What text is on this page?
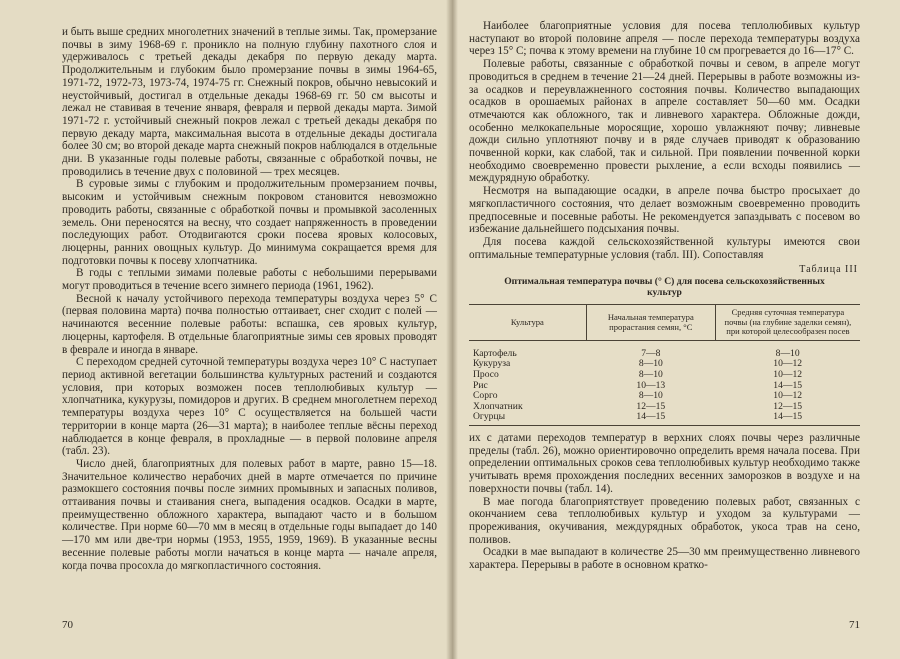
и быть выше средних многолетних значений в теплые зимы. Так, промерзание почвы в зиму 1968-69 г. проникло на полную глубину пахотного слоя и удерживалось с третьей декады декабря по первую декаду марта. Продолжительным и глубоким было промерзание почвы в зимы 1964-65, 1971-72, 1972-73, 1973-74, 1974-75 гг. Снежный покров, обычно невысокий и неустойчивый, достигал в отдельные декады 1968-69 гг. 50 см высоты и лежал не ставивая в течение января, февраля и первой декады марта. Зимой 1971-72 г. устойчивый снежный покров лежал с третьей декады декабря по первую декаду марта, максимальная высота в отдельные декады достигала более 30 см; во второй декаде марта снежный покров наблюдался в отдельные дни. В указанные годы полевые работы, связанные с обработкой почвы, не проводились в течение двух с половиной — трех месяцев.

В суровые зимы с глубоким и продолжительным промерзанием почвы, высоким и устойчивым снежным покровом становится невозможно проводить работы, связанные с обработкой почвы и промывкой засоленных земель. Они переносятся на весну, что создает напряженность в проведении последующих работ. Отодвигаются сроки посева яровых колосовых, люцерны, ранних овощных культур. До минимума сокращается время для подготовки почвы к посеву хлопчатника.

В годы с теплыми зимами полевые работы с небольшими перерывами могут проводиться в течение всего зимнего периода (1961, 1962).

Весной к началу устойчивого перехода температуры воздуха через 5° С (первая половина марта) почва полностью оттаивает, снег сходит с полей — начинаются весенние полевые работы: вспашка, сев яровых культур, люцерны, картофеля. В отдельные благоприятные зимы сев яровых проводят в феврале и иногда в январе.

С переходом средней суточной температуры воздуха через 10° С наступает период активной вегетации большинства культурных растений и создаются условия, при которых возможен посев теплолюбивых культур — хлопчатника, кукурузы, помидоров и других. В среднем многолетнем переход температуры воздуха через 10° С осуществляется на большей части территории в конце марта (26—31 марта); в наиболее теплые вёсны переход наблюдается в конце февраля, в прохладные — в первой половине апреля (табл. 23).

Число дней, благоприятных для полевых работ в марте, равно 15—18. Значительное количество нерабочих дней в марте отмечается по причине размокшего состояния почвы после зимних промывных и запасных поливов, оттаивания почвы и стаивания снега, выпадения осадков. Осадки в марте, преимущественно обложного характера, выпадают часто и в большом количестве. При норме 60—70 мм в месяц в отдельные годы выпадает до 140—170 мм или две-три нормы (1953, 1955, 1959, 1969). В указанные весны весенние полевые работы могли начаться в конце марта — начале апреля, когда почва просохла до мягкопластичного состояния.

70

Наиболее благоприятные условия для посева теплолюбивых культур наступают во второй половине апреля — после перехода температуры воздуха через 15° С; почва к этому времени на глубине 10 см прогревается до 16—17° С.

Полевые работы, связанные с обработкой почвы и севом, в апреле могут проводиться в среднем в течение 21—24 дней. Перерывы в работе возможны из-за осадков и переувлажненного состояния почвы. Количество выпадающих осадков в орошаемых районах в апреле составляет 50—60 мм. Осадки отмечаются как обложного, так и ливневого характера. Обложные дожди, особенно мелкокапельные моросящие, хорошо увлажняют почву; ливневые дожди сильно уплотняют почву и в ряде случаев приводят к образованию почвенной корки, как слабой, так и сильной. При появлении почвенной корки необходимо своевременно провести рыхление, а если всходы появились — междурядную обработку.

Несмотря на выпадающие осадки, в апреле почва быстро просыхает до мягкопластичного состояния, что делает возможным своевременно проводить предпосевные и посевные работы. Не рекомендуется запаздывать с посевом во избежание дальнейшего подсыхания почвы.

Для посева каждой сельскохозяйственной культуры имеются свои оптимальные температурные условия (табл. III). Сопоставляя

Таблица III
Оптимальная температура почвы (° С) для посева сельскохозяйственных культур
Культура	Начальная температура прорастания семян, °С	Средняя суточная температура почвы (на глубине заделки семян), при которой целесообразен посев
Картофель	7—8	8—10
Кукуруза	8—10	10—12
Просо	8—10	10—12
Рис	10—13	14—15
Сорго	8—10	10—12
Хлопчатник	12—15	12—15
Огурцы	14—15	14—15

их с датами переходов температур в верхних слоях почвы через различные пределы (табл. 26), можно ориентировочно определить время начала посева. При определении оптимальных сроков сева теплолюбивых культур необходимо также учитывать время прохождения последних весенних заморозков в воздухе и на поверхности почвы (табл. 14).

В мае погода благоприятствует проведению полевых работ, связанных с окончанием сева теплолюбивых культур и уходом за культурами — прореживания, окучивания, междурядных обработок, укоса трав на сено, поливов.

Осадки в мае выпадают в количестве 25—30 мм преимущественно ливневого характера. Перерывы в работе в основном кратко-

71
